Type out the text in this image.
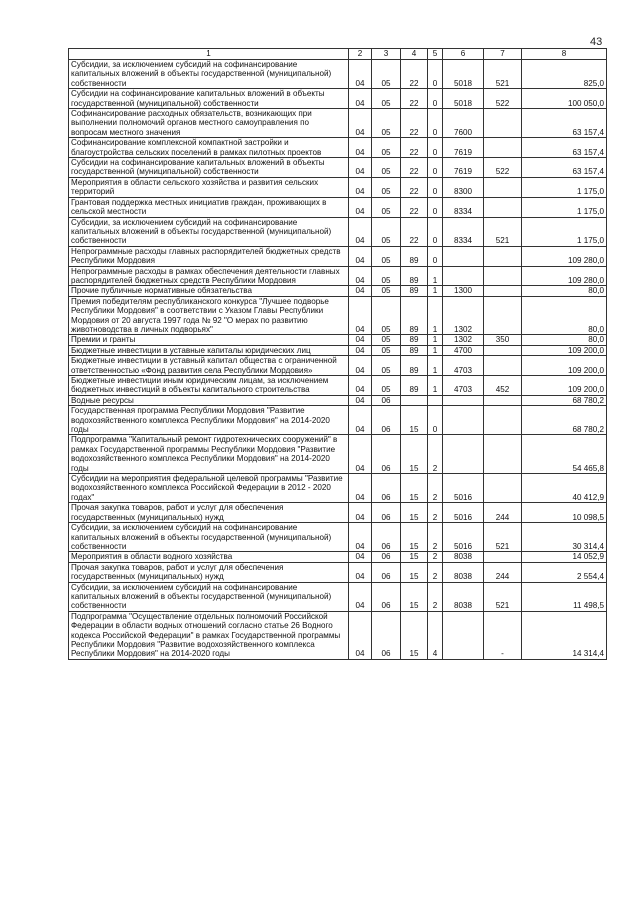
43
1	2	3	4	5	6	7	8
Субсидии, за исключением субсидий на софинансирование капитальных вложений в объекты государственной (муниципальной) собственности	04	05	22	0	5018	521	825,0
Субсидии на софинансирование капитальных вложений в объекты государственной (муниципальной) собственности	04	05	22	0	5018	522	100 050,0
Софинансирование расходных обязательств, возникающих при выполнении полномочий органов местного самоуправления по вопросам местного значения	04	05	22	0	7600		63 157,4
Софинансирование комплексной компактной застройки и благоустройства сельских поселений в рамках пилотных проектов	04	05	22	0	7619		63 157,4
Субсидии на софинансирование капитальных вложений в объекты государственной (муниципальной) собственности	04	05	22	0	7619	522	63 157,4
Мероприятия в области сельского хозяйства и развития сельских территорий	04	05	22	0	8300		1 175,0
Грантовая поддержка местных инициатив граждан, проживающих в сельской местности	04	05	22	0	8334		1 175,0
Субсидии, за исключением субсидий на софинансирование капитальных вложений в объекты государственной (муниципальной) собственности	04	05	22	0	8334	521	1 175,0
Непрограммные расходы главных распорядителей бюджетных средств Республики Мордовия	04	05	89	0			109 280,0
Непрограммные расходы в рамках обеспечения деятельности главных распорядителей бюджетных средств Республики Мордовия	04	05	89	1			109 280,0
Прочие публичные нормативные обязательства	04	05	89	1	1300		80,0
Премия победителям республиканского конкурса "Лучшее подворье Республики Мордовия" в соответствии с Указом Главы Республики Мордовия от 20 августа 1997 года № 92 "О мерах по развитию животноводства в личных подворьях"	04	05	89	1	1302		80,0
Премии и гранты	04	05	89	1	1302	350	80,0
Бюджетные инвестиции в уставные капиталы юридических лиц	04	05	89	1	4700		109 200,0
Бюджетные инвестиции в уставный капитал общества с ограниченной ответственностью «Фонд развития села Республики Мордовия»	04	05	89	1	4703		109 200,0
Бюджетные инвестиции иным юридическим лицам, за исключением бюджетных инвестиций в объекты капитального строительства	04	05	89	1	4703	452	109 200,0
Водные ресурсы	04	06					68 780,2
Государственная программа Республики Мордовия "Развитие водохозяйственного комплекса Республики Мордовия" на 2014-2020 годы	04	06	15	0			68 780,2
Подпрограмма "Капитальный ремонт гидротехнических сооружений" в рамках Государственной программы Республики Мордовия "Развитие водохозяйственного комплекса Республики Мордовия" на 2014-2020 годы	04	06	15	2			54 465,8
Субсидии на мероприятия федеральной целевой программы "Развитие водохозяйственного комплекса Российской Федерации в 2012 - 2020 годах"	04	06	15	2	5016		40 412,9
Прочая закупка товаров, работ и услуг для обеспечения государственных (муниципальных) нужд	04	06	15	2	5016	244	10 098,5
Субсидии, за исключением субсидий на софинансирование капитальных вложений в объекты государственной (муниципальной) собственности	04	06	15	2	5016	521	30 314,4
Мероприятия в области водного хозяйства	04	06	15	2	8038		14 052,9
Прочая закупка товаров, работ и услуг для обеспечения государственных (муниципальных) нужд	04	06	15	2	8038	244	2 554,4
Субсидии, за исключением субсидий на софинансирование капитальных вложений в объекты государственной (муниципальной) собственности	04	06	15	2	8038	521	11 498,5
Подпрограмма "Осуществление отдельных полномочий Российской Федерации в области водных отношений согласно статье 26 Водного кодекса Российской Федерации" в рамках Государственной программы Республики Мордовия "Развитие водохозяйственного комплекса Республики Мордовия" на 2014-2020 годы	04	06	15	4		-	14 314,4
